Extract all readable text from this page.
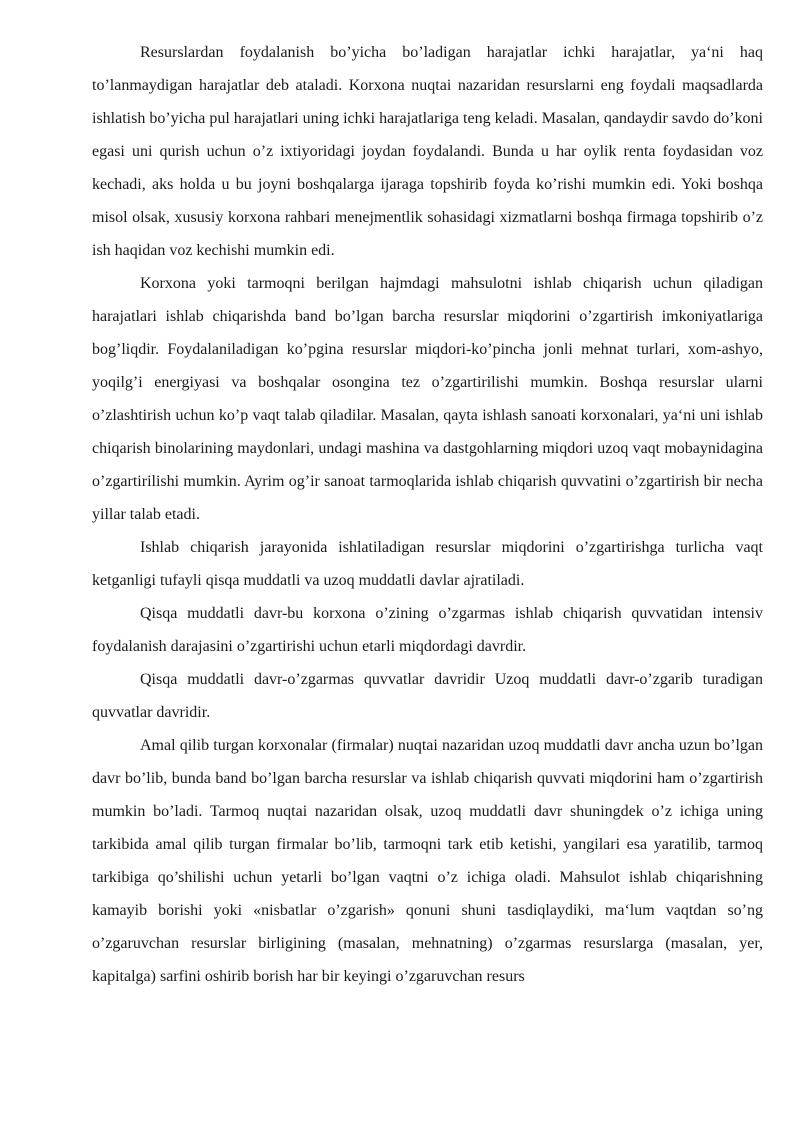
Resurslardan foydalanish bo’yicha bo’ladigan harajatlar ichki harajatlar, ya‘ni haq to’lanmaydigan harajatlar deb ataladi. Korxona nuqtai nazaridan resurslarni eng foydali maqsadlarda ishlatish bo’yicha pul harajatlari uning ichki harajatlariga teng keladi. Masalan, qandaydir savdo do’koni egasi uni qurish uchun o’z ixtiyoridagi joydan foydalandi. Bunda u har oylik renta foydasidan voz kechadi, aks holda u bu joyni boshqalarga ijaraga topshirib foyda ko’rishi mumkin edi. Yoki boshqa misol olsak, xususiy korxona rahbari menejmentlik sohasidagi xizmatlarni boshqa firmaga topshirib o’z ish haqidan voz kechishi mumkin edi.

Korxona yoki tarmoqni berilgan hajmdagi mahsulotni ishlab chiqarish uchun qiladigan harajatlari ishlab chiqarishda band bo’lgan barcha resurslar miqdorini o’zgartirish imkoniyatlariga bog’liqdir. Foydalaniladigan ko’pgina resurslar miqdori-ko’pincha jonli mehnat turlari, xom-ashyo, yoqilg’i energiyasi va boshqalar osongina tez o’zgartirilishi mumkin. Boshqa resurslar ularni o’zlashtirish uchun ko’p vaqt talab qiladilar. Masalan, qayta ishlash sanoati korxonalari, ya‘ni uni ishlab chiqarish binolarining maydonlari, undagi mashina va dastgohlarning miqdori uzoq vaqt mobaynidagina o’zgartirilishi mumkin. Ayrim og’ir sanoat tarmoqlarida ishlab chiqarish quvvatini o’zgartirish bir necha yillar talab etadi.

Ishlab chiqarish jarayonida ishlatiladigan resurslar miqdorini o’zgartirishga turlicha vaqt ketganligi tufayli qisqa muddatli va uzoq muddatli davlar ajratiladi.

Qisqa muddatli davr-bu korxona o’zining o’zgarmas ishlab chiqarish quvvatidan intensiv foydalanish darajasini o’zgartirishi uchun etarli miqdordagi davrdir.

Qisqa muddatli davr-o’zgarmas quvvatlar davridir Uzoq muddatli davr-o’zgarib turadigan quvvatlar davridir.

Amal qilib turgan korxonalar (firmalar) nuqtai nazaridan uzoq muddatli davr ancha uzun bo’lgan davr bo’lib, bunda band bo’lgan barcha resurslar va ishlab chiqarish quvvati miqdorini ham o’zgartirish mumkin bo’ladi. Tarmoq nuqtai nazaridan olsak, uzoq muddatli davr shuningdek o’z ichiga uning tarkibida amal qilib turgan firmalar bo’lib, tarmoqni tark etib ketishi, yangilari esa yaratilib, tarmoq tarkibiga qo’shilishi uchun yetarli bo’lgan vaqtni o’z ichiga oladi. Mahsulot ishlab chiqarishning kamayib borishi yoki «nisbatlar o’zgarish» qonuni shuni tasdiqlaydiki, ma‘lum vaqtdan so’ng o’zgaruvchan resurslar birligining (masalan, mehnatning) o’zgarmas resurslarga (masalan, yer, kapitalga) sarfini oshirib borish har bir keyingi o’zgaruvchan resurs
